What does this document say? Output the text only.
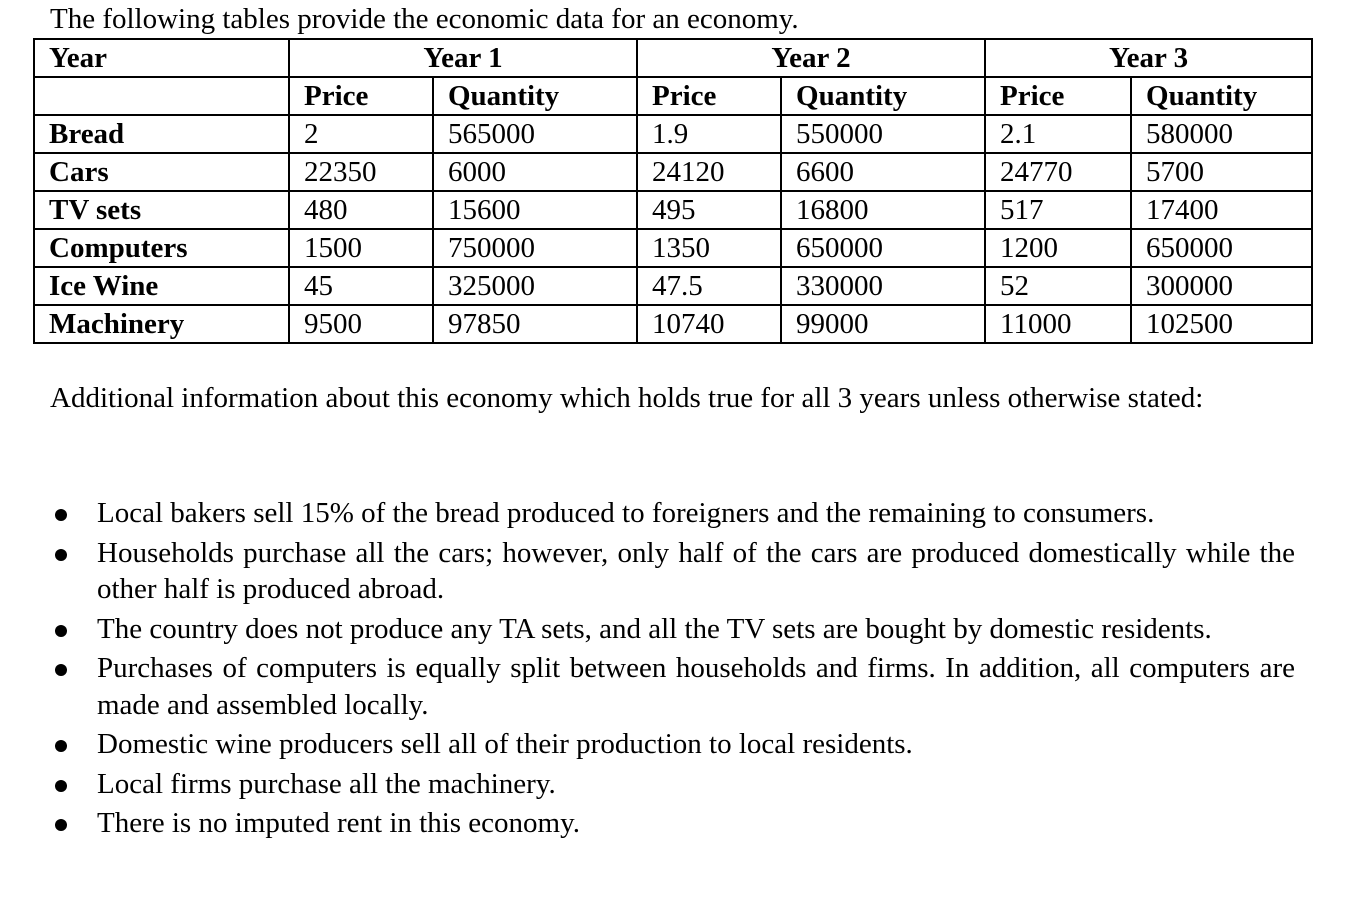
The following tables provide the economic data for an economy.
Year	Year 1		Year 2		Year 3	
	Price	Quantity	Price	Quantity	Price	Quantity
Bread	2	565000	1.9	550000	2.1	580000
Cars	22350	6000	24120	6600	24770	5700
TV sets	480	15600	495	16800	517	17400
Computers	1500	750000	1350	650000	1200	650000
Ice Wine	45	325000	47.5	330000	52	300000
Machinery	9500	97850	10740	99000	11000	102500
Additional information about this economy which holds true for all 3 years unless otherwise stated:
Local bakers sell 15% of the bread produced to foreigners and the remaining to consumers.
Households purchase all the cars; however, only half of the cars are produced domestically while the other half is produced abroad.
The country does not produce any TA sets, and all the TV sets are bought by domestic residents.
Purchases of computers is equally split between households and firms. In addition, all computers are made and assembled locally.
Domestic wine producers sell all of their production to local residents.
Local firms purchase all the machinery.
There is no imputed rent in this economy.
